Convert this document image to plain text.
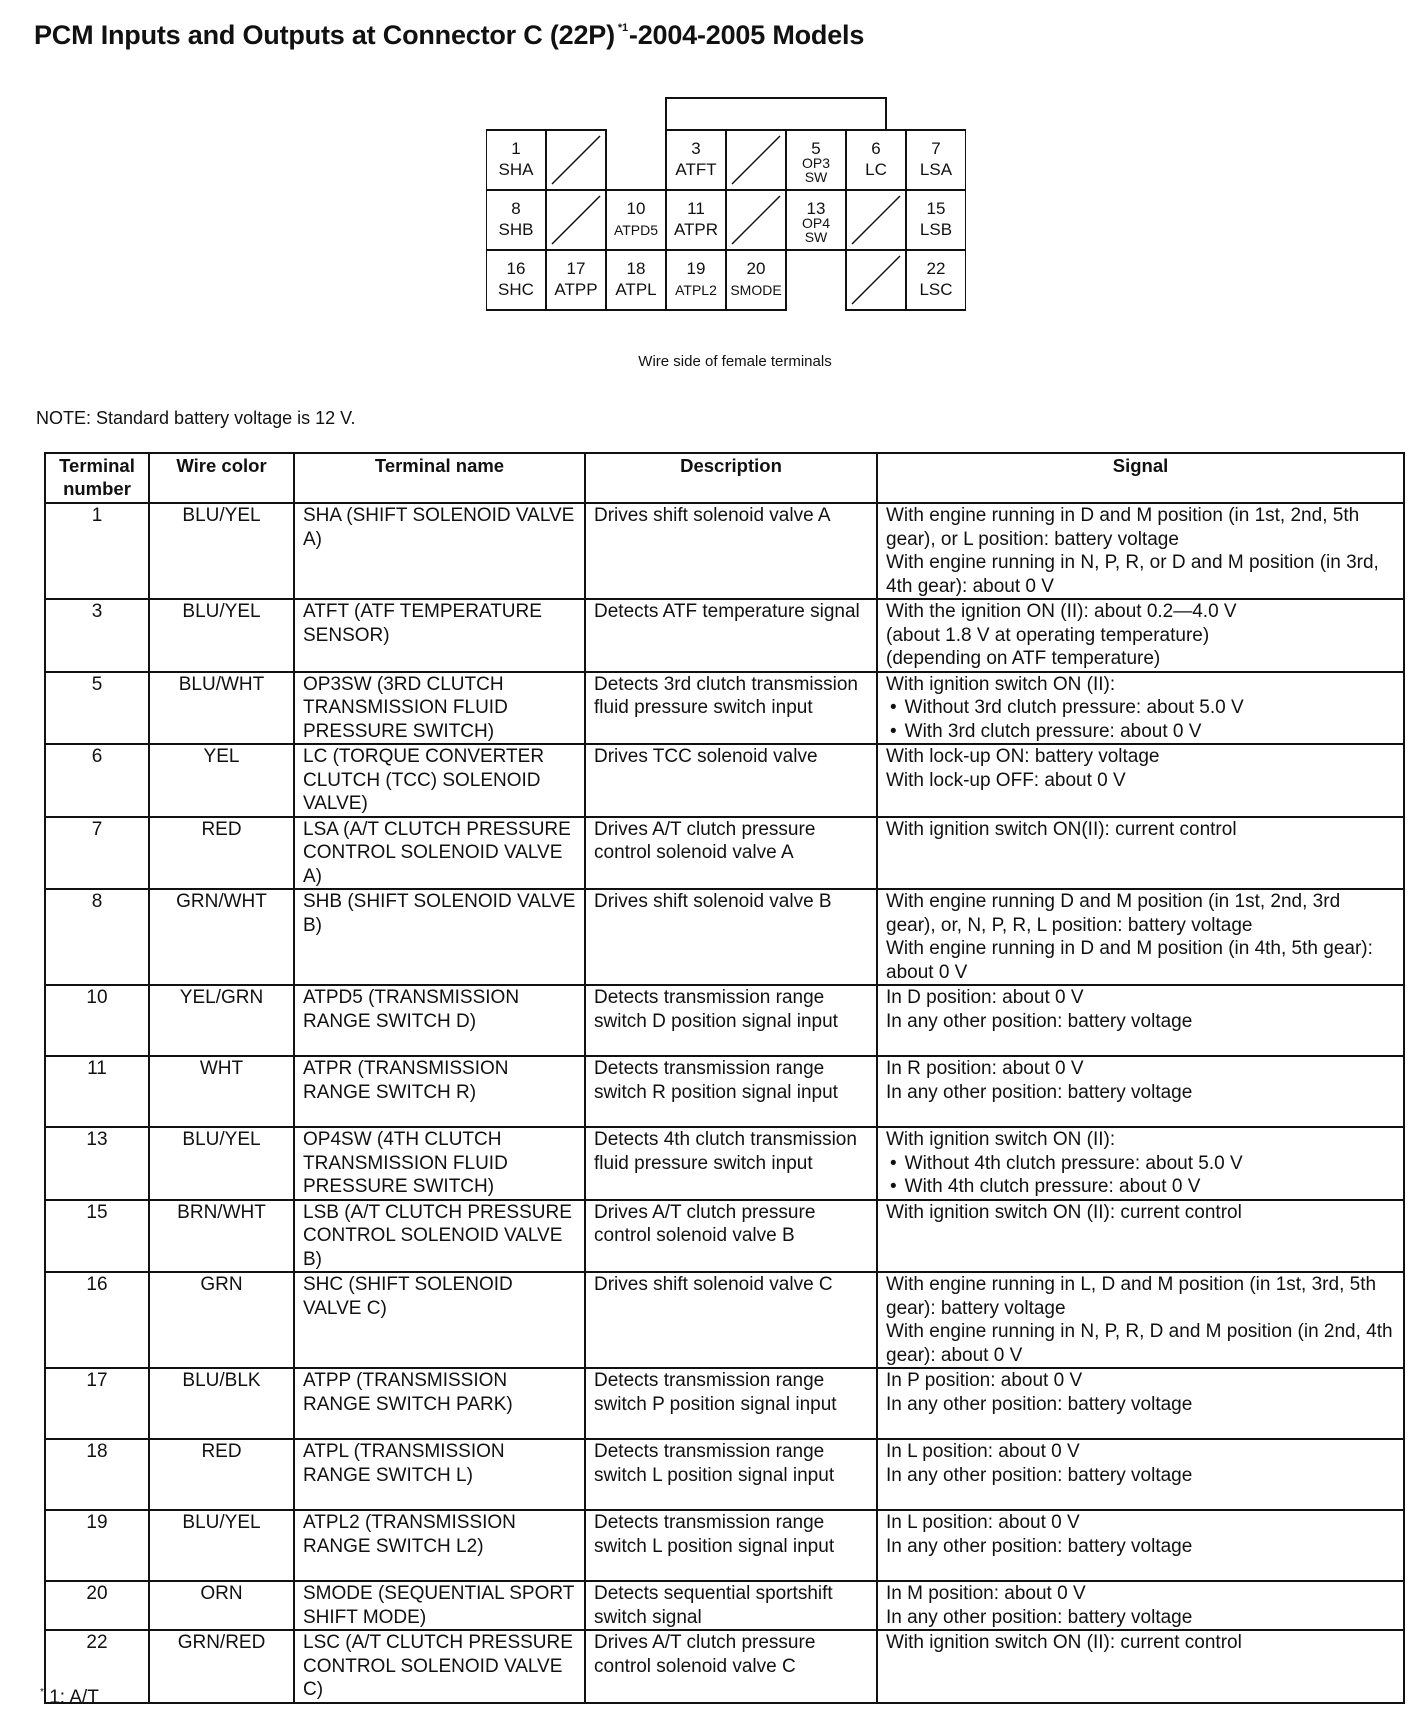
PCM Inputs and Outputs at Connector C (22P) $^{*1}$-2004-2005 Models
1
SHA
3
ATFT
5
OP3
SW
6
LC
7
LSA
8
SHB
10
ATPD5
11
ATPR
13
OP4
SW
15
LSB
16
SHC
17
ATPP
18
ATPL
19
ATPL2
20
SMODE
22
LSC
Wire side of female terminals
NOTE: Standard battery voltage is 12 V.
Terminal number	Wire color	Terminal name	Description	Signal
1	BLU/YEL	SHA (SHIFT SOLENOID VALVE A)	Drives shift solenoid valve A	With engine running in D and M position (in 1st, 2nd, 5th gear), or L position: battery voltage
With engine running in N, P, R, or D and M position (in 3rd, 4th gear): about 0 V

3	BLU/YEL	ATFT (ATF TEMPERATURE SENSOR)	Detects ATF temperature signal	With the ignition ON (II): about 0.2—4.0 V
(about 1.8 V at operating temperature)
(depending on ATF temperature)

5	BLU/WHT	OP3SW (3RD CLUTCH TRANSMISSION FLUID PRESSURE SWITCH)	Detects 3rd clutch transmission fluid pressure switch input	With ignition switch ON (II):
• Without 3rd clutch pressure: about 5.0 V
• With 3rd clutch pressure: about 0 V

6	YEL	LC (TORQUE CONVERTER CLUTCH (TCC) SOLENOID VALVE)	Drives TCC solenoid valve	With lock-up ON: battery voltage
With lock-up OFF: about 0 V

7	RED	LSA (A/T CLUTCH PRESSURE CONTROL SOLENOID VALVE A)	Drives A/T clutch pressure control solenoid valve A	With ignition switch ON(II): current control

8	GRN/WHT	SHB (SHIFT SOLENOID VALVE B)	Drives shift solenoid valve B	With engine running D and M position (in 1st, 2nd, 3rd gear), or, N, P, R, L position: battery voltage
With engine running in D and M position (in 4th, 5th gear): about 0 V

10	YEL/GRN	ATPD5 (TRANSMISSION RANGE SWITCH D)	Detects transmission range switch D position signal input	In D position: about 0 V
In any other position: battery voltage

11	WHT	ATPR (TRANSMISSION RANGE SWITCH R)	Detects transmission range switch R position signal input	In R position: about 0 V
In any other position: battery voltage

13	BLU/YEL	OP4SW (4TH CLUTCH TRANSMISSION FLUID PRESSURE SWITCH)	Detects 4th clutch transmission fluid pressure switch input	With ignition switch ON (II):
• Without 4th clutch pressure: about 5.0 V
• With 4th clutch pressure: about 0 V

15	BRN/WHT	LSB (A/T CLUTCH PRESSURE CONTROL SOLENOID VALVE B)	Drives A/T clutch pressure control solenoid valve B	With ignition switch ON (II): current control

16	GRN	SHC (SHIFT SOLENOID VALVE C)	Drives shift solenoid valve C	With engine running in L, D and M position (in 1st, 3rd, 5th gear): battery voltage
With engine running in N, P, R, D and M position (in 2nd, 4th gear): about 0 V

17	BLU/BLK	ATPP (TRANSMISSION RANGE SWITCH PARK)	Detects transmission range switch P position signal input	In P position: about 0 V
In any other position: battery voltage

18	RED	ATPL (TRANSMISSION RANGE SWITCH L)	Detects transmission range switch L position signal input	In L position: about 0 V
In any other position: battery voltage

19	BLU/YEL	ATPL2 (TRANSMISSION RANGE SWITCH L2)	Detects transmission range switch L position signal input	In L position: about 0 V
In any other position: battery voltage

20	ORN	SMODE (SEQUENTIAL SPORT SHIFT MODE)	Detects sequential sportshift switch signal	In M position: about 0 V
In any other position: battery voltage

22	GRN/RED	LSC (A/T CLUTCH PRESSURE CONTROL SOLENOID VALVE C)	Drives A/T clutch pressure control solenoid valve C	With ignition switch ON (II): current control
* 1: A/T
